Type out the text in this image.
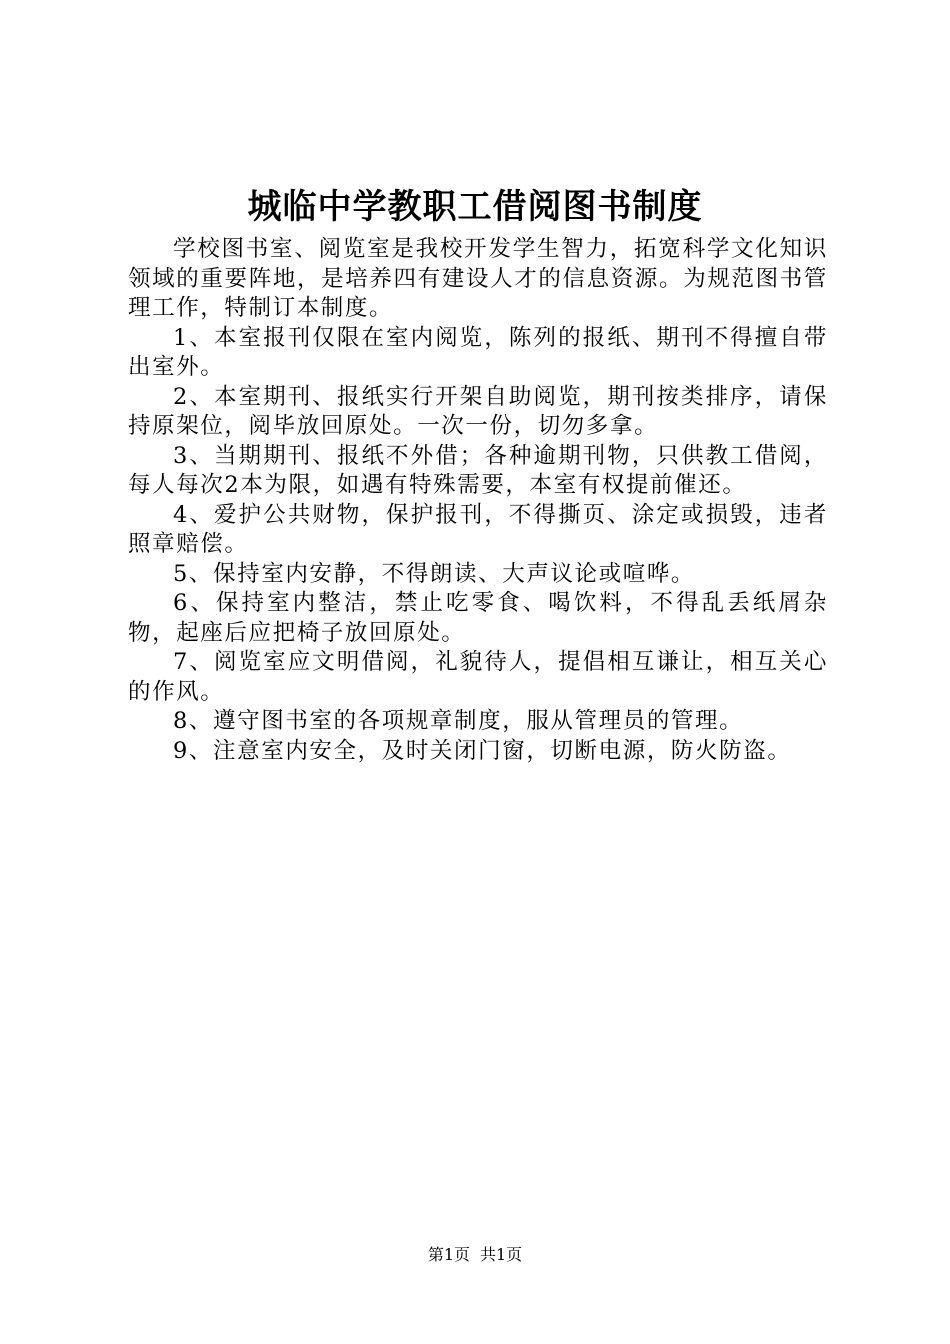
城临中学教职工借阅图书制度

学校图书室、阅览室是我校开发学生智力，拓宽科学文化知识领域的重要阵地，是培养四有建设人才的信息资源。为规范图书管理工作，特制订本制度。

1、本室报刊仅限在室内阅览，陈列的报纸、期刊不得擅自带出室外。

2、本室期刊、报纸实行开架自助阅览，期刊按类排序，请保持原架位，阅毕放回原处。一次一份，切勿多拿。

3、当期期刊、报纸不外借；各种逾期刊物，只供教工借阅，每人每次2本为限，如遇有特殊需要，本室有权提前催还。

4、爱护公共财物，保护报刊，不得撕页、涂定或损毁，违者照章赔偿。

5、保持室内安静，不得朗读、大声议论或喧哗。

6、保持室内整洁，禁止吃零食、喝饮料，不得乱丢纸屑杂物，起座后应把椅子放回原处。

7、阅览室应文明借阅，礼貌待人，提倡相互谦让，相互关心的作风。

8、遵守图书室的各项规章制度，服从管理员的管理。

9、注意室内安全，及时关闭门窗，切断电源，防火防盗。

第1页 共1页
